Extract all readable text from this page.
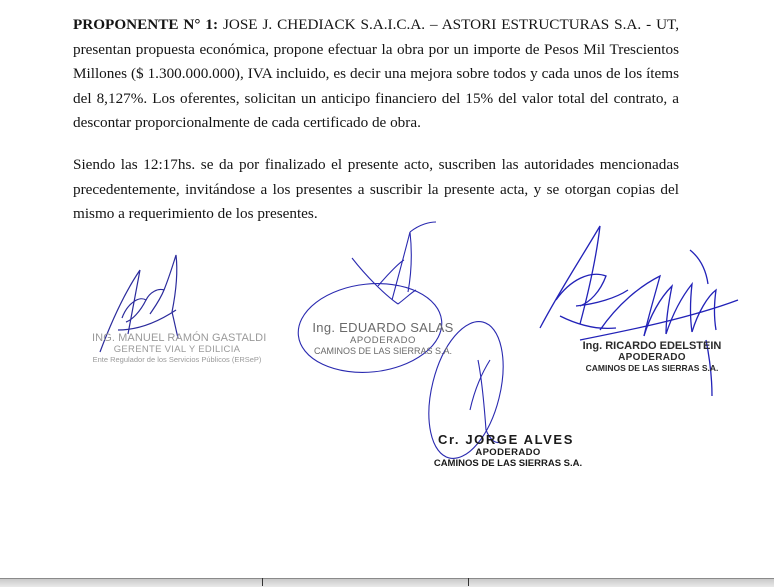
PROPONENTE N° 1: JOSE J. CHEDIACK S.A.I.C.A. – ASTORI ESTRUCTURAS S.A. - UT, presentan propuesta económica, propone efectuar la obra por un importe de Pesos Mil Trescientos Millones ($ 1.300.000.000), IVA incluido, es decir una mejora sobre todos y cada unos de los ítems del 8,127%. Los oferentes, solicitan un anticipo financiero del 15% del valor total del contrato, a descontar proporcionalmente de cada certificado de obra.

Siendo las 12:17hs. se da por finalizado el presente acto, suscriben las autoridades mencionadas precedentemente, invitándose a los presentes a suscribir la presente acta, y se otorgan copias del mismo a requerimiento de los presentes.

ING. MANUEL RAMÓN GASTALDI
GERENTE VIAL Y EDILICIA
Ente Regulador de los Servicios Públicos (ERSeP)
Ing. EDUARDO SALAS
APODERADO
CAMINOS DE LAS SIERRAS S.A.	Ing. RICARDO EDELSTEIN
APODERADO
CAMINOS DE LAS SIERRAS S.A.
Cr. JORGE ALVES
APODERADO
CAMINOS DE LAS SIERRAS S.A.
